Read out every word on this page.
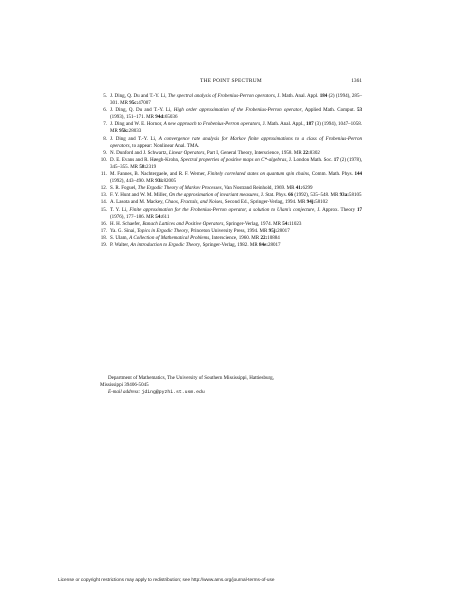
THE POINT SPECTRUM	1361
5. J. Ding, Q. Du and T.-Y. Li, The spectral analysis of Frobenius-Perron operators, J. Math. Anal. Appl. 184 (2) (1994), 285–301. MR 95c:47007
6. J. Ding, Q. Du and T.-Y. Li, High order approximation of the Frobenius-Perron operator, Applied Math. Comput. 53 (1993), 151–171. MR 94d:65036
7. J. Ding and W. E. Hornor, A new approach to Frobenius-Perron operators, J. Math. Anal. Appl., 187 (3) (1994), 1047–1058. MR 95k:28033
8. J. Ding and T.-Y. Li, A convergence rate analysis for Markov finite approximations to a class of Frobenius-Perron operators, to appear: Nonlinear Anal. TMA.
9. N. Dunford and J. Schwartz, Linear Operators, Part I, General Theory, Interscience, 1958. MR 22:8302
10. D. E. Evans and R. Høegh-Krohn, Spectral properties of positive maps on C*-algebras, J. London Math. Soc. 17 (2) (1978), 345–355. MR 58:2319
11. M. Fannes, B. Nachtergaele, and R. F. Werner, Finitely correlated states on quantum spin chains, Comm. Math. Phys. 144 (1992), 443–490. MR 93i:82005
12. S. R. Foguel, The Ergodic Theory of Markov Processes, Van Nostrand Reinhold, 1969. MR 41:6299
13. F. Y. Hunt and W. M. Miller, On the approximation of invariant measures, J. Stat. Phys. 66 (1992), 535–548. MR 93a:58105
14. A. Lasota and M. Mackey, Chaos, Fractals, and Noises, Second Ed., Springer-Verlag, 1994. MR 94j:58102
15. T. Y. Li, Finite approximation for the Frobenius-Perron operator, a solution to Ulam's conjecture, J. Approx. Theory 17 (1976), 177–186. MR 54:611
16. H. H. Schaefer, Banach Lattices and Positive Operators, Springer-Verlag, 1974. MR 54:11023
17. Ya. G. Sinai, Topics in Ergodic Theory, Princeton University Press, 1994. MR 95j:28017
18. S. Ulam, A Collection of Mathematical Problems, Interscience, 1960. MR 22:10884
19. P. Walter, An introduction to Ergodic Theory, Springer-Verlag, 1982. MR 84e:28017
Department of Mathematics, The University of Southern Mississippi, Hattiesburg,
Mississippi 39406-5045
E-mail address: jding@pyzhi.st.usm.edu
License or copyright restrictions may apply to redistribution; see http://www.ams.org/journal-terms-of-use
